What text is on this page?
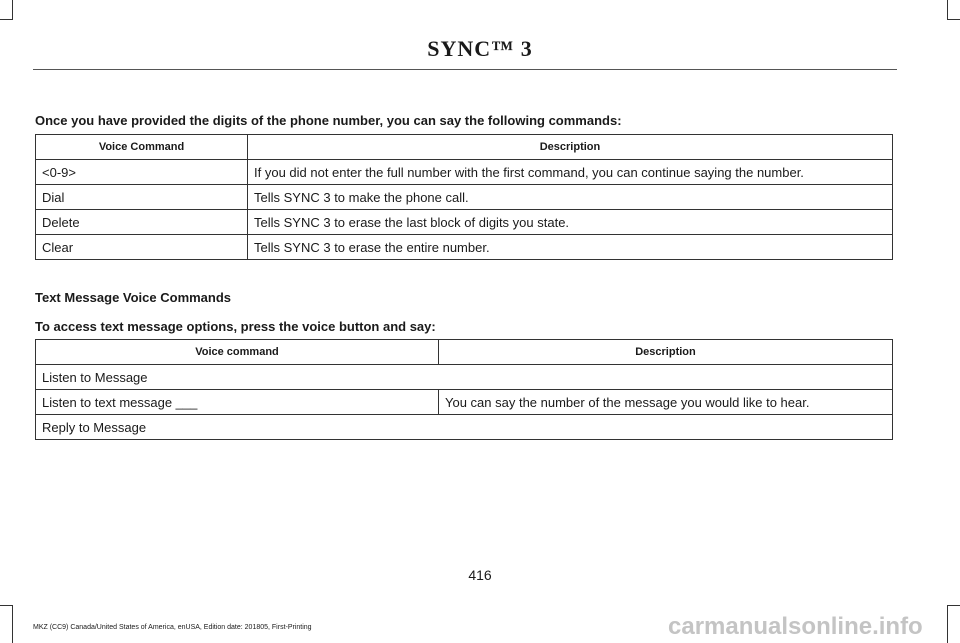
SYNC™ 3
Once you have provided the digits of the phone number, you can say the following commands:
Voice Command	Description
<0-9>	If you did not enter the full number with the first command, you can continue saying the number.
Dial	Tells SYNC 3 to make the phone call.
Delete	Tells SYNC 3 to erase the last block of digits you state.
Clear	Tells SYNC 3 to erase the entire number.
Text Message Voice Commands
To access text message options, press the voice button and say:
Voice command	Description
Listen to Message	
Listen to text message ___	You can say the number of the message you would like to hear.
Reply to Message	
416
MKZ (CC9) Canada/United States of America, enUSA, Edition date: 201805, First-Printing	carmanualsonline.info
